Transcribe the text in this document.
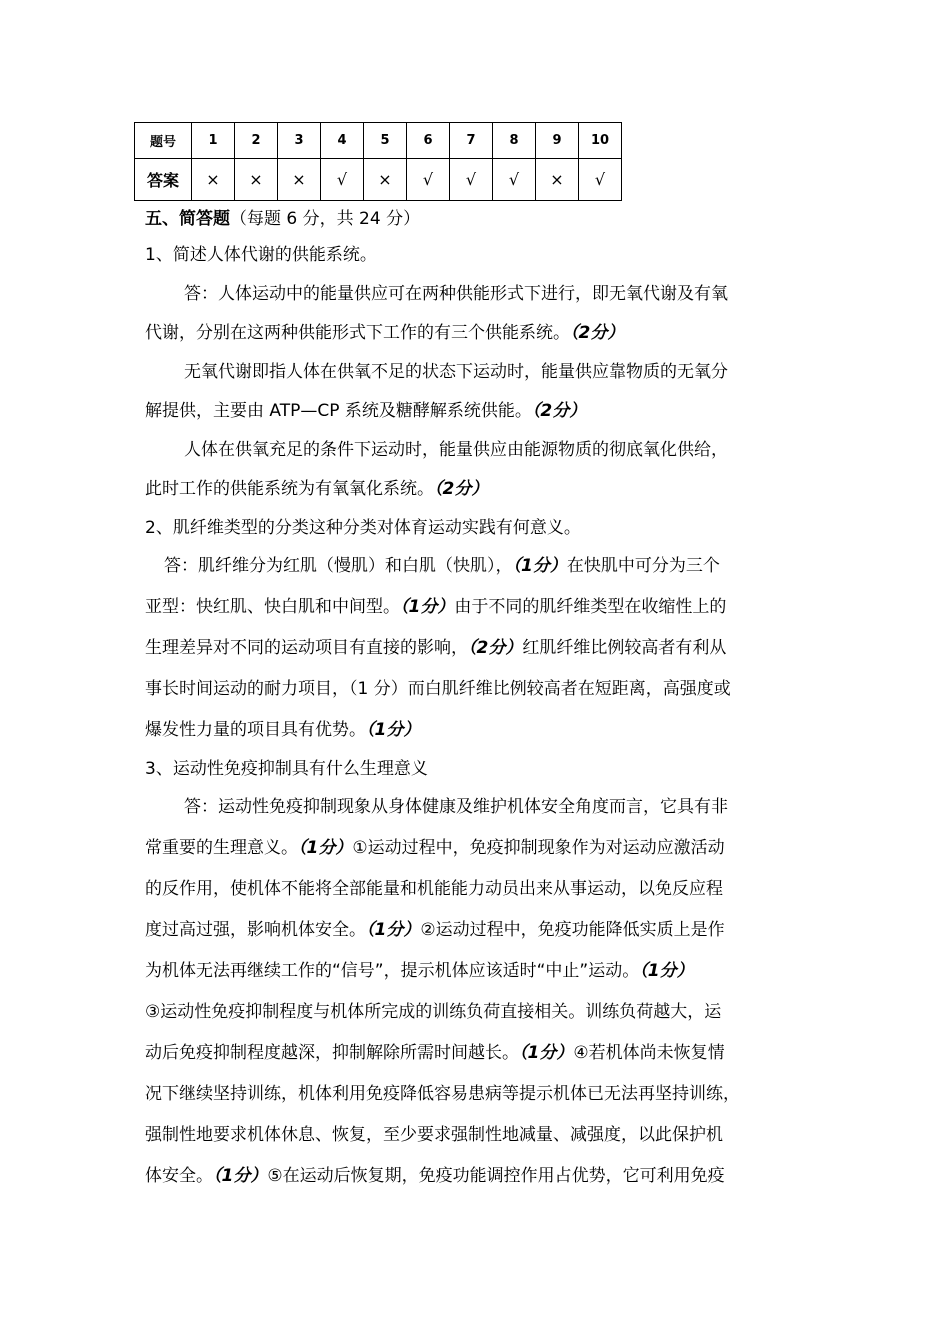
题号	1	2	3	4	5	6	7	8	9	10
答案	×	×	×	√	×	√	√	√	×	√
五、简答题（每题 6 分，共 24 分）
1、简述人体代谢的供能系统。
答：人体运动中的能量供应可在两种供能形式下进行，即无氧代谢及有氧
代谢，分别在这两种供能形式下工作的有三个供能系统。（2分）
无氧代谢即指人体在供氧不足的状态下运动时，能量供应靠物质的无氧分
解提供，主要由 ATP—CP 系统及糖酵解系统供能。（2分）
人体在供氧充足的条件下运动时，能量供应由能源物质的彻底氧化供给，
此时工作的供能系统为有氧氧化系统。（2分）
2、肌纤维类型的分类这种分类对体育运动实践有何意义。
答：肌纤维分为红肌（慢肌）和白肌（快肌），（1分）在快肌中可分为三个
亚型：快红肌、快白肌和中间型。（1分）由于不同的肌纤维类型在收缩性上的
生理差异对不同的运动项目有直接的影响，（2分）红肌纤维比例较高者有利从
事长时间运动的耐力项目，（1 分）而白肌纤维比例较高者在短距离，高强度或
爆发性力量的项目具有优势。（1分）
3、运动性免疫抑制具有什么生理意义
答：运动性免疫抑制现象从身体健康及维护机体安全角度而言，它具有非
常重要的生理意义。（1分）①运动过程中，免疫抑制现象作为对运动应激活动
的反作用，使机体不能将全部能量和机能能力动员出来从事运动，以免反应程
度过高过强，影响机体安全。（1分）②运动过程中，免疫功能降低实质上是作
为机体无法再继续工作的“信号”，提示机体应该适时“中止”运动。（1分）
③运动性免疫抑制程度与机体所完成的训练负荷直接相关。训练负荷越大，运
动后免疫抑制程度越深，抑制解除所需时间越长。（1分）④若机体尚未恢复情
况下继续坚持训练，机体利用免疫降低容易患病等提示机体已无法再坚持训练，
强制性地要求机体休息、恢复，至少要求强制性地减量、减强度，以此保护机
体安全。（1分）⑤在运动后恢复期，免疫功能调控作用占优势，它可利用免疫
